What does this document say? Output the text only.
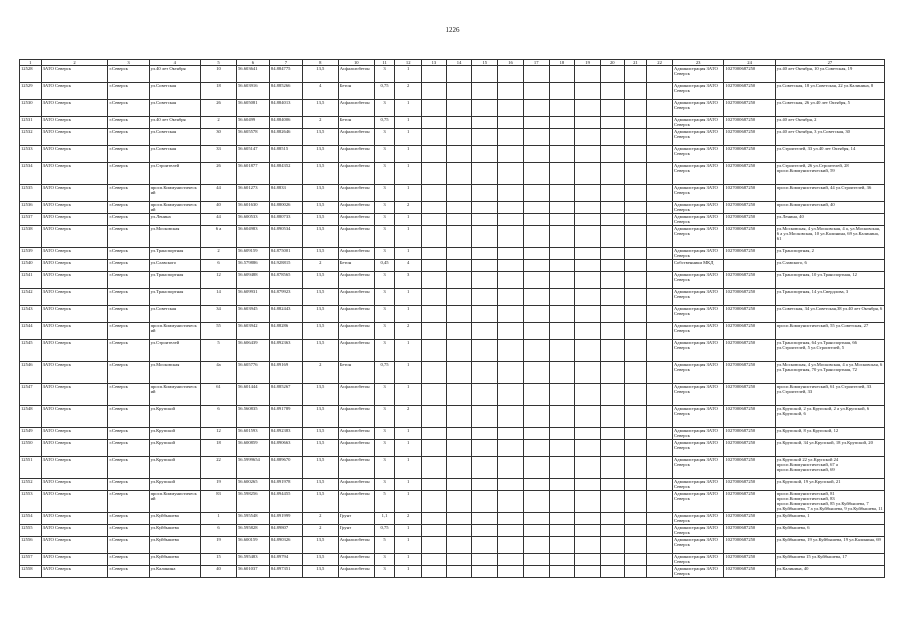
1226
1	2	3	4	5	6	7	8	10	11	12	13	14	15	16	17	18	19	20	21	22	23	24	27
12528	ЗАТО Северск	г.Северск	ул.40 лет Октября	10	56.603641	84.884775	13,5	Асфальтобетон	3	1											Администрация ЗАТО Северск	1027000687250	ул.40 лет Октября, 10 ул.Советская, 19
12529	ЗАТО Северск	г.Северск	ул.Советская	18	56.603916	84.885266	4	Бетон	0,75	2											Администрация ЗАТО Северск	1027000687250	ул.Советская, 18 ул.Советская, 22 ул.Калинина, 8
12530	ЗАТО Северск	г.Северск	ул.Советская	26	56.605081	84.884013	13,5	Асфальтобетон	3	1											Администрация ЗАТО Северск	1027000687250	ул.Советская, 26 ул.40 лет Октября, 5
12531	ЗАТО Северск	г.Северск	ул.40 лет Октября	2	56.60499	84.884006	2	Бетон	0,75	1											Администрация ЗАТО Северск	1027000687250	ул.40 лет Октября, 2
12532	ЗАТО Северск	г.Северск	ул.Советская	30	56.605578	84.882646	13,5	Асфальтобетон	3	1											Администрация ЗАТО Северск	1027000687250	ул.40 лет Октября, 3 ул.Советская, 30
12533	ЗАТО Северск	г.Северск	ул.Советская	33	56.605147	84.88515	13,5	Асфальтобетон	3	1											Администрация ЗАТО Северск	1027000687250	ул.Строителей, 33 ул.40 лет Октября, 14
12534	ЗАТО Северск	г.Северск	ул.Строителей	26	56.601877	84.884352	13,5	Асфальтобетон	3	1											Администрация ЗАТО Северск	1027000687250	ул.Строителей, 26 ул.Строителей, 28 просп.Коммунистический, 59
12535	ЗАТО Северск	г.Северск	просп.Коммунистический	44	56.601273	84.8833	13,5	Асфальтобетон	3	1											Администрация ЗАТО Северск	1027000687250	просп.Коммунистический, 44 ул.Строителей, 36
12536	ЗАТО Северск	г.Северск	просп.Коммунистический	40	56.601630	84.880026	13,5	Асфальтобетон	3	2											Администрация ЗАТО Северск	1027000687250	просп.Коммунистический, 40
12537	ЗАТО Северск	г.Северск	ул.Ленина	44	56.600533	84.880733	13,5	Асфальтобетон	3	1											Администрация ЗАТО Северск	1027000687250	ул.Ленина, 40
12538	ЗАТО Северск	г.Северск	ул.Московская	6 а	56.604983	84.890534	13,5	Асфальтобетон	3	1											Администрация ЗАТО Северск	1027000687250	ул.Московская, 4 ул.Московская, 4 а, ул.Московская, 6 а ул.Московская, 10 ул.Калинина, 69 ул.Калинина, 61
12539	ЗАТО Северск	г.Северск	ул.Транспортная	2	56.609159	84.875001	13,5	Асфальтобетон	3	1											Администрация ЗАТО Северск	1027000687250	ул.Транспортная, 2
12540	ЗАТО Северск	г.Северск	ул.Славского	6	56.579886	84.928815	2	Бетон	0,45	4											Собственники МКД		ул.Славского, 6
12541	ЗАТО Северск	г.Северск	ул.Транспортная	12	56.609488	84.878565	13,5	Асфальтобетон	3	3											Администрация ЗАТО Северск	1027000687250	ул.Транспортная, 10 ул.Транспортная, 12
12542	ЗАТО Северск	г.Северск	ул.Транспортная	14	56.609931	84.879923	13,5	Асфальтобетон	3	1											Администрация ЗАТО Северск	1027000687250	ул.Транспортная, 14 ул.Свердлова, 3
12543	ЗАТО Северск	г.Северск	ул.Советская	34	56.603945	84.882443	13,5	Асфальтобетон	3	1											Администрация ЗАТО Северск	1027000687250	ул.Советская, 34 ул.Советская,38 ул.40 лет Октября, 6
12544	ЗАТО Северск	г.Северск	просп.Коммунистический	55	56.603942	84.88286	13,5	Асфальтобетон	3	2											Администрация ЗАТО Северск	1027000687250	просп.Коммунистический, 55 ул.Советская, 27
12545	ЗАТО Северск	г.Северск	ул.Строителей	5	56.606439	84.892363	13,5	Асфальтобетон	3	1											Администрация ЗАТО Северск	1027000687250	ул.Транспортная, 64 ул.Транспортная, 66 ул.Строителей, 5 ул.Строителей, 5
12546	ЗАТО Северск	г.Северск	ул.Московская	4а	56.605776	84.89169	2	Бетон	0,75	1											Администрация ЗАТО Северск	1027000687250	ул.Московская, 4 ул.Московская, 4 а ул.Московская, 6 ул.Транспортная, 70 ул.Транспортная, 72
12547	ЗАТО Северск	г.Северск	просп.Коммунистический	61	56.601444	84.885267	13,5	Асфальтобетон	3	1											Администрация ЗАТО Северск	1027000687250	просп.Коммунистический, 61 ул.Строителей, 33 ул.Строителей, 33
12548	ЗАТО Северск	г.Северск	ул.Крупской	6	56.560835	84.891789	13,5	Асфальтобетон	3	2											Администрация ЗАТО Северск	1027000687250	ул.Крупской, 2 ул.Крупской, 2 а ул.Крупской, 6 ул.Крупской, 6
12549	ЗАТО Северск	г.Северск	ул.Крупской	12	56.601593	84.892383	13,5	Асфальтобетон	3	1											Администрация ЗАТО Северск	1027000687250	ул.Крупской, 8 ул.Крупской, 12
12550	ЗАТО Северск	г.Северск	ул.Крупской	18	56.600859	84.890663	13,5	Асфальтобетон	3	1											Администрация ЗАТО Северск	1027000687250	ул.Крупской, 34 ул.Крупской, 18 ул.Крупской, 20
12551	ЗАТО Северск	г.Северск	ул.Крупской	22	56.5999654	84.889670	13,5	Асфальтобетон	3	1											Администрация ЗАТО Северск	1027000687250	ул.Крупской 22 ул.Крупской 24 просп.Коммунистический, 67 а просп.Коммунистический, 69
12552	ЗАТО Северск	г.Северск	ул.Крупской	19	56.600265	84.891978	13,5	Асфальтобетон	3	1											Администрация ЗАТО Северск	1027000687250	ул.Крупской, 19 ул.Крупской, 21
12553	ЗАТО Северск	г.Северск	просп.Коммунистический	83	56.598256	84.894455	13,5	Асфальтобетон	5	1											Администрация ЗАТО Северск	1027000687250	просп.Коммунистический, 81 просп.Коммунистический, 83 просп.Коммунистический, 85 ул.Куйбышева, 7 ул.Куйбышева, 7 а ул.Куйбышева, 9 ул.Куйбышева, 11
12554	ЗАТО Северск	г.Северск	ул.Куйбышева	1	56.595548	84.891999	2	Грунт	1,1	2											Администрация ЗАТО Северск	1027000687250	ул.Куйбышева, 1
12555	ЗАТО Северск	г.Северск	ул.Куйбышева	6	56.595828	84.89807	2	Грунт	0,75	1											Администрация ЗАТО Северск	1027000687250	ул.Куйбышева, 6
12556	ЗАТО Северск	г.Северск	ул.Куйбышева	19	56.600159	84.890326	13,5	Асфальтобетон	5	1											Администрация ЗАТО Северск	1027000687250	ул.Куйбышева, 19 ул.Куйбышева, 19 ул.Калинина, 69
12557	ЗАТО Северск	г.Северск	ул.Куйбышева	15	56.595483	84.89794	13,5	Асфальтобетон	3	1											Администрация ЗАТО Северск	1027000687250	ул.Куйбышева 15 ул.Куйбышева, 17
12558	ЗАТО Северск	г.Северск	ул.Калинина	40	56.601037	84.897351	13,5	Асфальтобетон	3	1											Администрация ЗАТО Северск	1027000687250	ул.Калинина, 40
